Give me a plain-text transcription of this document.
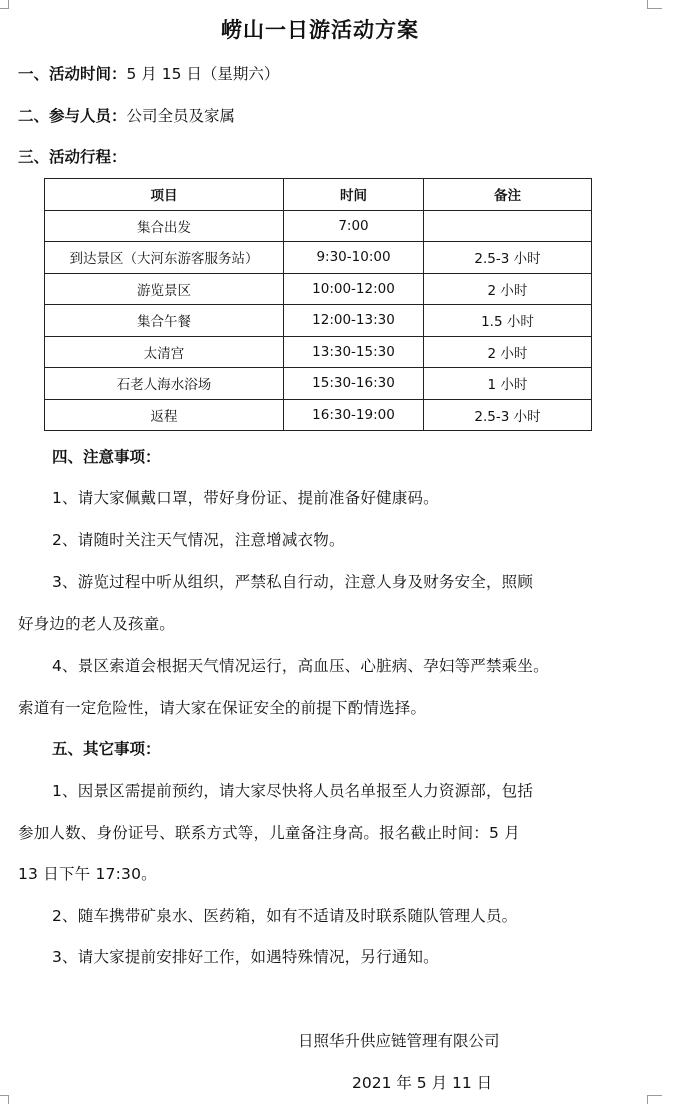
崂山一日游活动方案
一、活动时间：5 月 15 日（星期六）
二、参与人员：公司全员及家属
三、活动行程：
项目	时间	备注
集合出发	7:00	
到达景区（大河东游客服务站）	9:30-10:00	2.5-3 小时
游览景区	10:00-12:00	2 小时
集合午餐	12:00-13:30	1.5 小时
太清宫	13:30-15:30	2 小时
石老人海水浴场	15:30-16:30	1 小时
返程	16:30-19:00	2.5-3 小时
四、注意事项：
1、请大家佩戴口罩，带好身份证、提前准备好健康码。
2、请随时关注天气情况，注意增减衣物。
3、游览过程中听从组织，严禁私自行动，注意人身及财务安全，照顾
好身边的老人及孩童。
4、景区索道会根据天气情况运行，高血压、心脏病、孕妇等严禁乘坐。
索道有一定危险性，请大家在保证安全的前提下酌情选择。
五、其它事项：
1、因景区需提前预约，请大家尽快将人员名单报至人力资源部，包括
参加人数、身份证号、联系方式等，儿童备注身高。报名截止时间：5 月
13 日下午 17:30。
2、随车携带矿泉水、医药箱，如有不适请及时联系随队管理人员。
3、请大家提前安排好工作，如遇特殊情况，另行通知。
日照华升供应链管理有限公司
2021 年 5 月 11 日
